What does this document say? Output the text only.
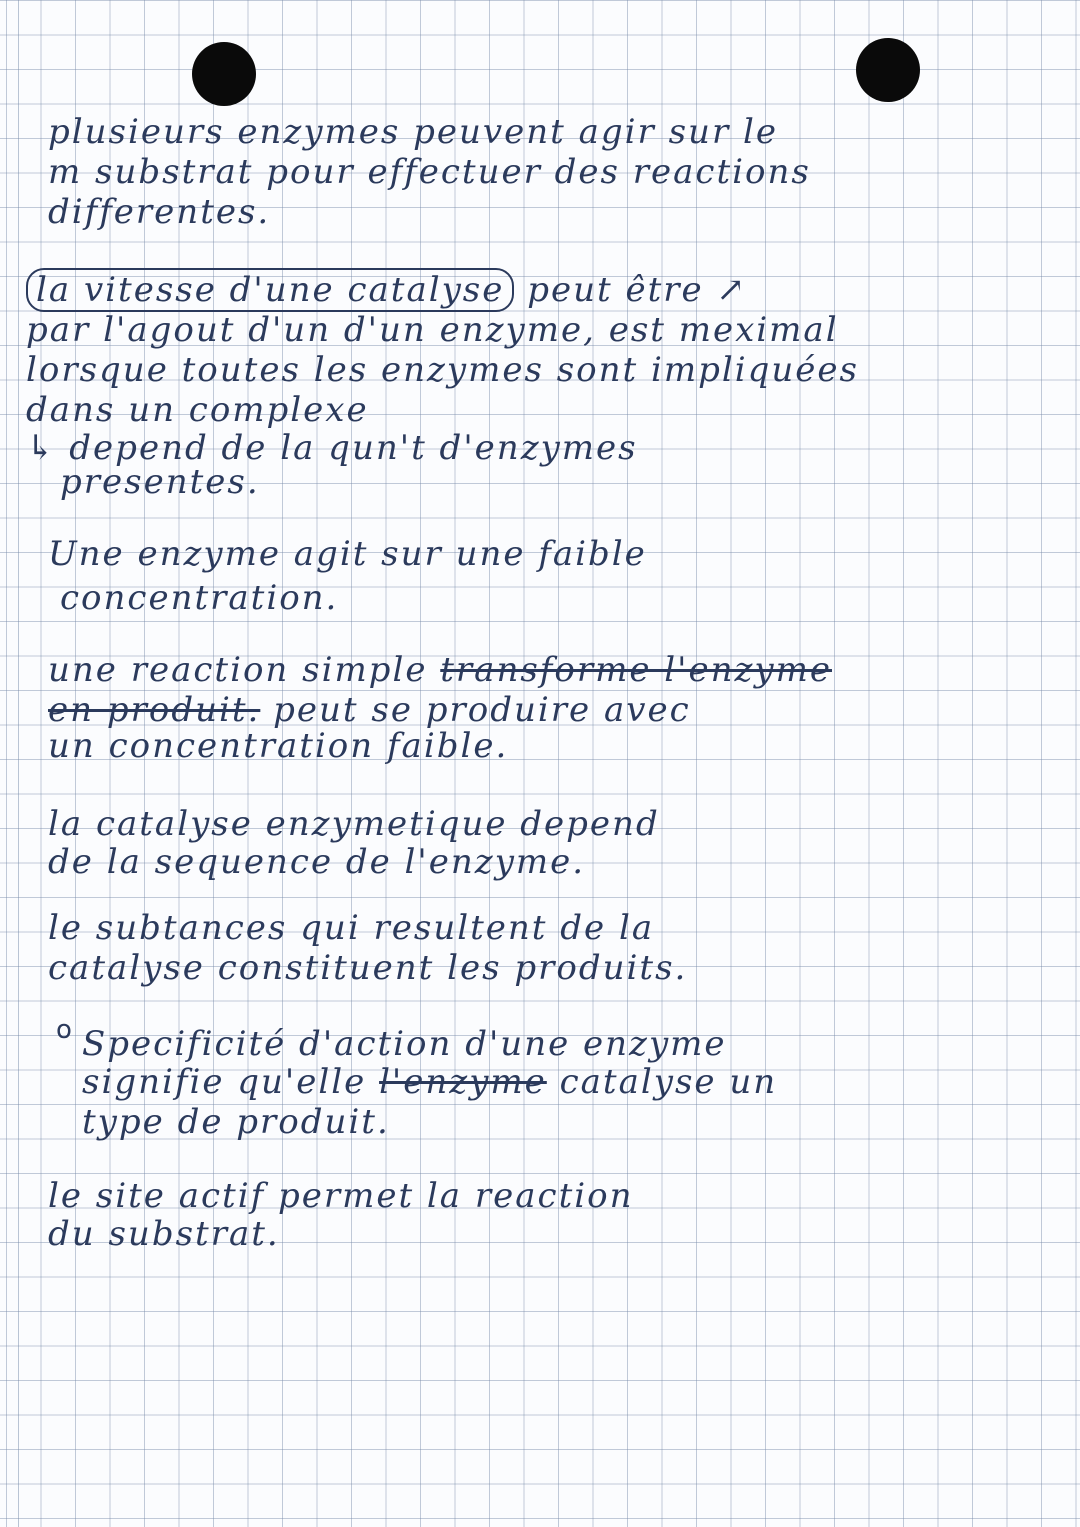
plusieurs enzymes peuvent agir sur le
m substrat pour effectuer des reactions
differentes.
la vitesse d'une catalyse peut être ↗
par l'agout d'un d'un enzyme, est meximal
lorsque toutes les enzymes sont impliquées
dans un complexe
↳ depend de la qun't d'enzymes
presentes.
Une enzyme agit sur une faible
concentration.
une reaction simple transforme l'enzyme
en produit. peut se produire avec
un concentration faible.
la catalyse enzymetique depend
de la sequence de l'enzyme.
le subtances qui resultent de la
catalyse constituent les produits.
o Specificité d'action d'une enzyme
signifie qu'elle l'enzyme catalyse un
type de produit.
le site actif permet la reaction
du substrat.
